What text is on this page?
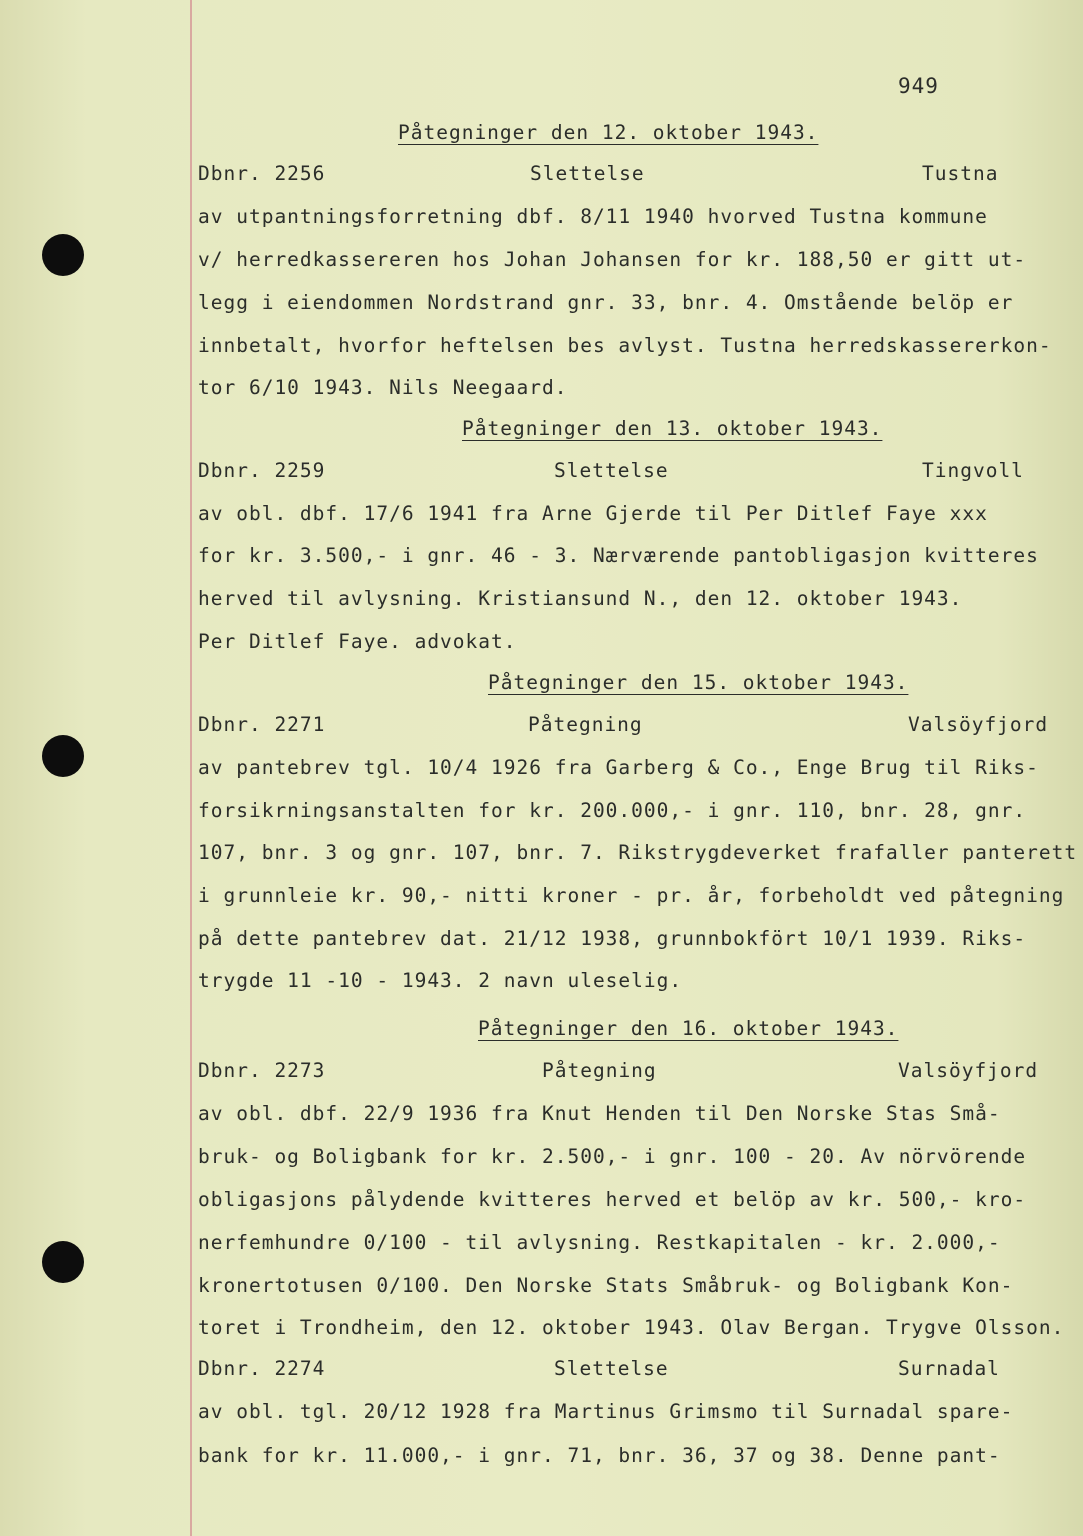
949
Påtegninger den 12. oktober 1943.
Dbnr. 2256	Slettelse	Tustna
av utpantningsforretning dbf. 8/11 1940 hvorved Tustna kommune
v/ herredkassereren hos Johan Johansen for kr. 188,50 er gitt ut-
legg i eiendommen Nordstrand gnr. 33, bnr. 4. Omstående belöp er
innbetalt, hvorfor heftelsen bes avlyst. Tustna herredskassererkon-
tor 6/10 1943. Nils Neegaard.
Påtegninger den 13. oktober 1943.
Dbnr. 2259	Slettelse	Tingvoll
av obl. dbf. 17/6 1941 fra Arne Gjerde til Per Ditlef Faye xxx
for kr. 3.500,- i gnr. 46 - 3. Nærværende pantobligasjon kvitteres
herved til avlysning. Kristiansund N., den 12. oktober 1943.
Per Ditlef Faye. advokat.
Påtegninger den 15. oktober 1943.
Dbnr. 2271	Påtegning	Valsöyfjord
av pantebrev tgl. 10/4 1926 fra Garberg & Co., Enge Brug til Riks-
forsikrningsanstalten for kr. 200.000,- i gnr. 110, bnr. 28, gnr.
107, bnr. 3 og gnr. 107, bnr. 7. Rikstrygdeverket frafaller panterett
i grunnleie kr. 90,- nitti kroner - pr. år, forbeholdt ved påtegning
på dette pantebrev dat. 21/12 1938, grunnbokfört 10/1 1939. Riks-
trygde 11 -10 - 1943. 2 navn uleselig.
Påtegninger den 16. oktober 1943.
Dbnr. 2273	Påtegning	Valsöyfjord
av obl. dbf. 22/9 1936 fra Knut Henden til Den Norske Stas Små-
bruk- og Boligbank for kr. 2.500,- i gnr. 100 - 20. Av nörvörende
obligasjons pålydende kvitteres herved et belöp av kr. 500,- kro-
nerfemhundre 0/100 - til avlysning. Restkapitalen - kr. 2.000,-
kronertotusen 0/100. Den Norske Stats Småbruk- og Boligbank Kon-
toret i Trondheim, den 12. oktober 1943. Olav Bergan. Trygve Olsson.
Dbnr. 2274	Slettelse	Surnadal
av obl. tgl. 20/12 1928 fra Martinus Grimsmo til Surnadal spare-
bank for kr. 11.000,- i gnr. 71, bnr. 36, 37 og 38. Denne pant-
